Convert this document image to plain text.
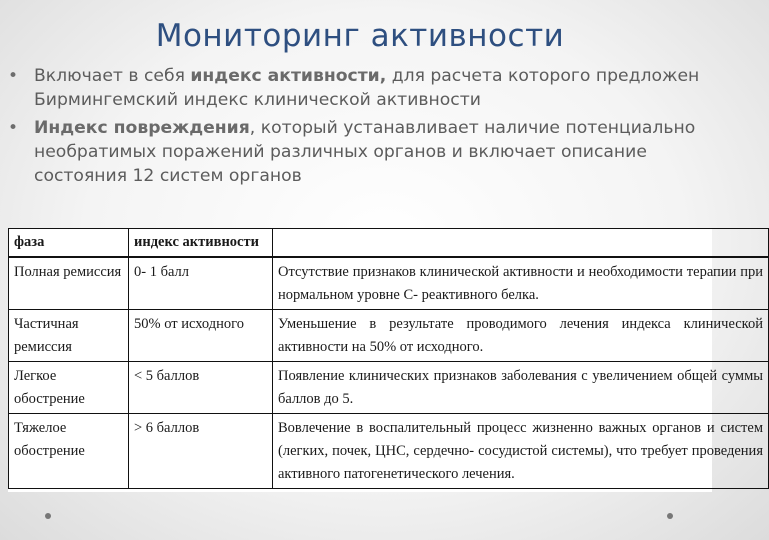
Мониторинг активности
• Включает в себя индекс активности, для расчета которого предложен Бирмингемский индекс клинической активности
• Индекс повреждения, который устанавливает наличие потенциально необратимых поражений различных органов и включает описание состояния 12 систем органов
фаза	индекс активности	
Полная ремиссия	0- 1 балл	Отсутствие признаков клинической активности и необходимости терапии при нормальном уровне С- реактивного белка.
Частичная ремиссия	50% от исходного	Уменьшение в результате проводимого лечения индекса клинической активности на 50% от исходного.
Легкое обострение	< 5 баллов	Появление клинических признаков заболевания с увеличением общей суммы баллов до 5.
Тяжелое обострение	> 6 баллов	Вовлечение в воспалительный процесс жизненно важных органов и систем (легких, почек, ЦНС, сердечно- сосудистой системы), что требует проведения активного патогенетического лечения.
